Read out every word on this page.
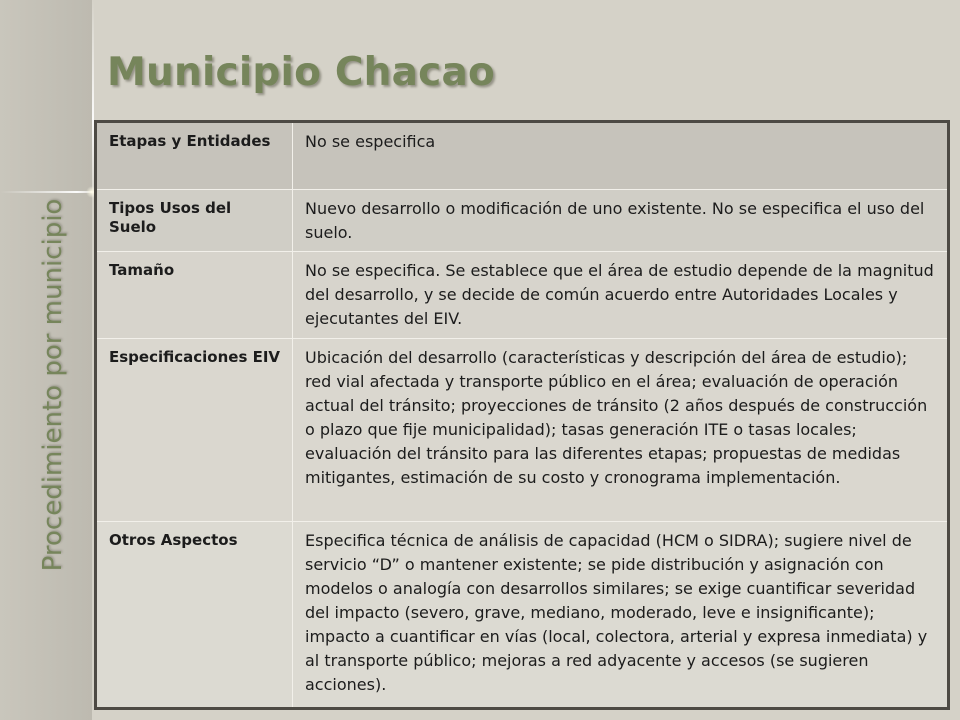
Municipio Chacao
Procedimiento por municipio
Etapas y Entidades	No se especifica
Tipos Usos del Suelo	Nuevo desarrollo o modificación de uno existente. No se especifica el uso del suelo.
Tamaño	No se especifica. Se establece que el área de estudio depende de la magnitud del desarrollo, y se decide de común acuerdo entre Autoridades Locales y ejecutantes del EIV.
Especificaciones EIV	Ubicación del desarrollo (características y descripción del área de estudio); red vial afectada y transporte público en el área; evaluación de operación actual del tránsito; proyecciones de tránsito (2 años después de construcción o plazo que fije municipalidad); tasas generación ITE o tasas locales; evaluación del tránsito para las diferentes etapas; propuestas de medidas mitigantes, estimación de su costo y cronograma implementación.
Otros Aspectos	Especifica técnica de análisis de capacidad (HCM o SIDRA); sugiere nivel de servicio “D” o mantener existente; se pide distribución y asignación con modelos o analogía con desarrollos similares; se exige cuantificar severidad del impacto (severo, grave, mediano, moderado, leve e insignificante); impacto a cuantificar en vías (local, colectora, arterial y expresa inmediata) y al transporte público; mejoras a red adyacente y accesos (se sugieren acciones).
